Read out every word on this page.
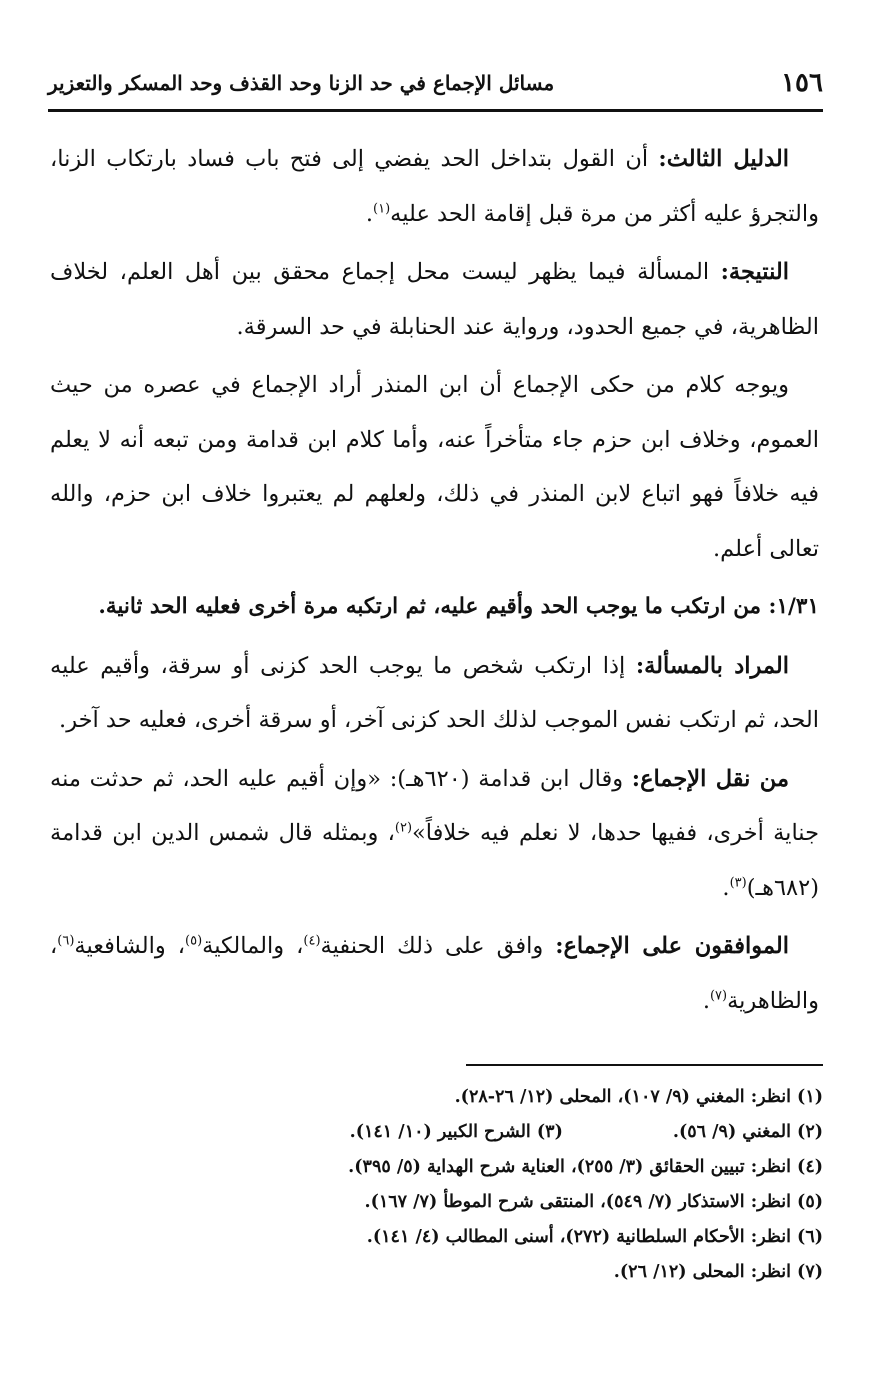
١٥٦
مسائل الإجماع في حد الزنا وحد القذف وحد المسكر والتعزير

الدليل الثالث: أن القول بتداخل الحد يفضي إلى فتح باب فساد بارتكاب الزنا، والتجرؤ عليه أكثر من مرة قبل إقامة الحد عليه$^{(١)}$.

النتيجة: المسألة فيما يظهر ليست محل إجماع محقق بين أهل العلم، لخلاف الظاهرية، في جميع الحدود، ورواية عند الحنابلة في حد السرقة.

ويوجه كلام من حكى الإجماع أن ابن المنذر أراد الإجماع في عصره من حيث العموم، وخلاف ابن حزم جاء متأخراً عنه، وأما كلام ابن قدامة ومن تبعه أنه لا يعلم فيه خلافاً فهو اتباع لابن المنذر في ذلك، ولعلهم لم يعتبروا خلاف ابن حزم، والله تعالى أعلم.

١/٣١: من ارتكب ما يوجب الحد وأقيم عليه، ثم ارتكبه مرة أخرى فعليه الحد ثانية.

المراد بالمسألة: إذا ارتكب شخص ما يوجب الحد كزنى أو سرقة، وأقيم عليه الحد، ثم ارتكب نفس الموجب لذلك الحد كزنى آخر، أو سرقة أخرى، فعليه حد آخر.

من نقل الإجماع: وقال ابن قدامة (٦٢٠هـ): «وإن أقيم عليه الحد، ثم حدثت منه جناية أخرى، ففيها حدها، لا نعلم فيه خلافاً»$^{(٢)}$، وبمثله قال شمس الدين ابن قدامة (٦٨٢هـ)$^{(٣)}$.

الموافقون على الإجماع: وافق على ذلك الحنفية$^{(٤)}$، والمالكية$^{(٥)}$، والشافعية$^{(٦)}$، والظاهرية$^{(٧)}$.

(١) انظر: المغني (٩/ ١٠٧)، المحلى (١٢/ ٢٦-٢٨).
(٢) المغني (٩/ ٥٦).
(٣) الشرح الكبير (١٠/ ١٤١).
(٤) انظر: تبيين الحقائق (٣/ ٢٥٥)، العناية شرح الهداية (٥/ ٣٩٥).
(٥) انظر: الاستذكار (٧/ ٥٤٩)، المنتقى شرح الموطأ (٧/ ١٦٧).
(٦) انظر: الأحكام السلطانية (٢٧٢)، أسنى المطالب (٤/ ١٤١).
(٧) انظر: المحلى (١٢/ ٢٦).
